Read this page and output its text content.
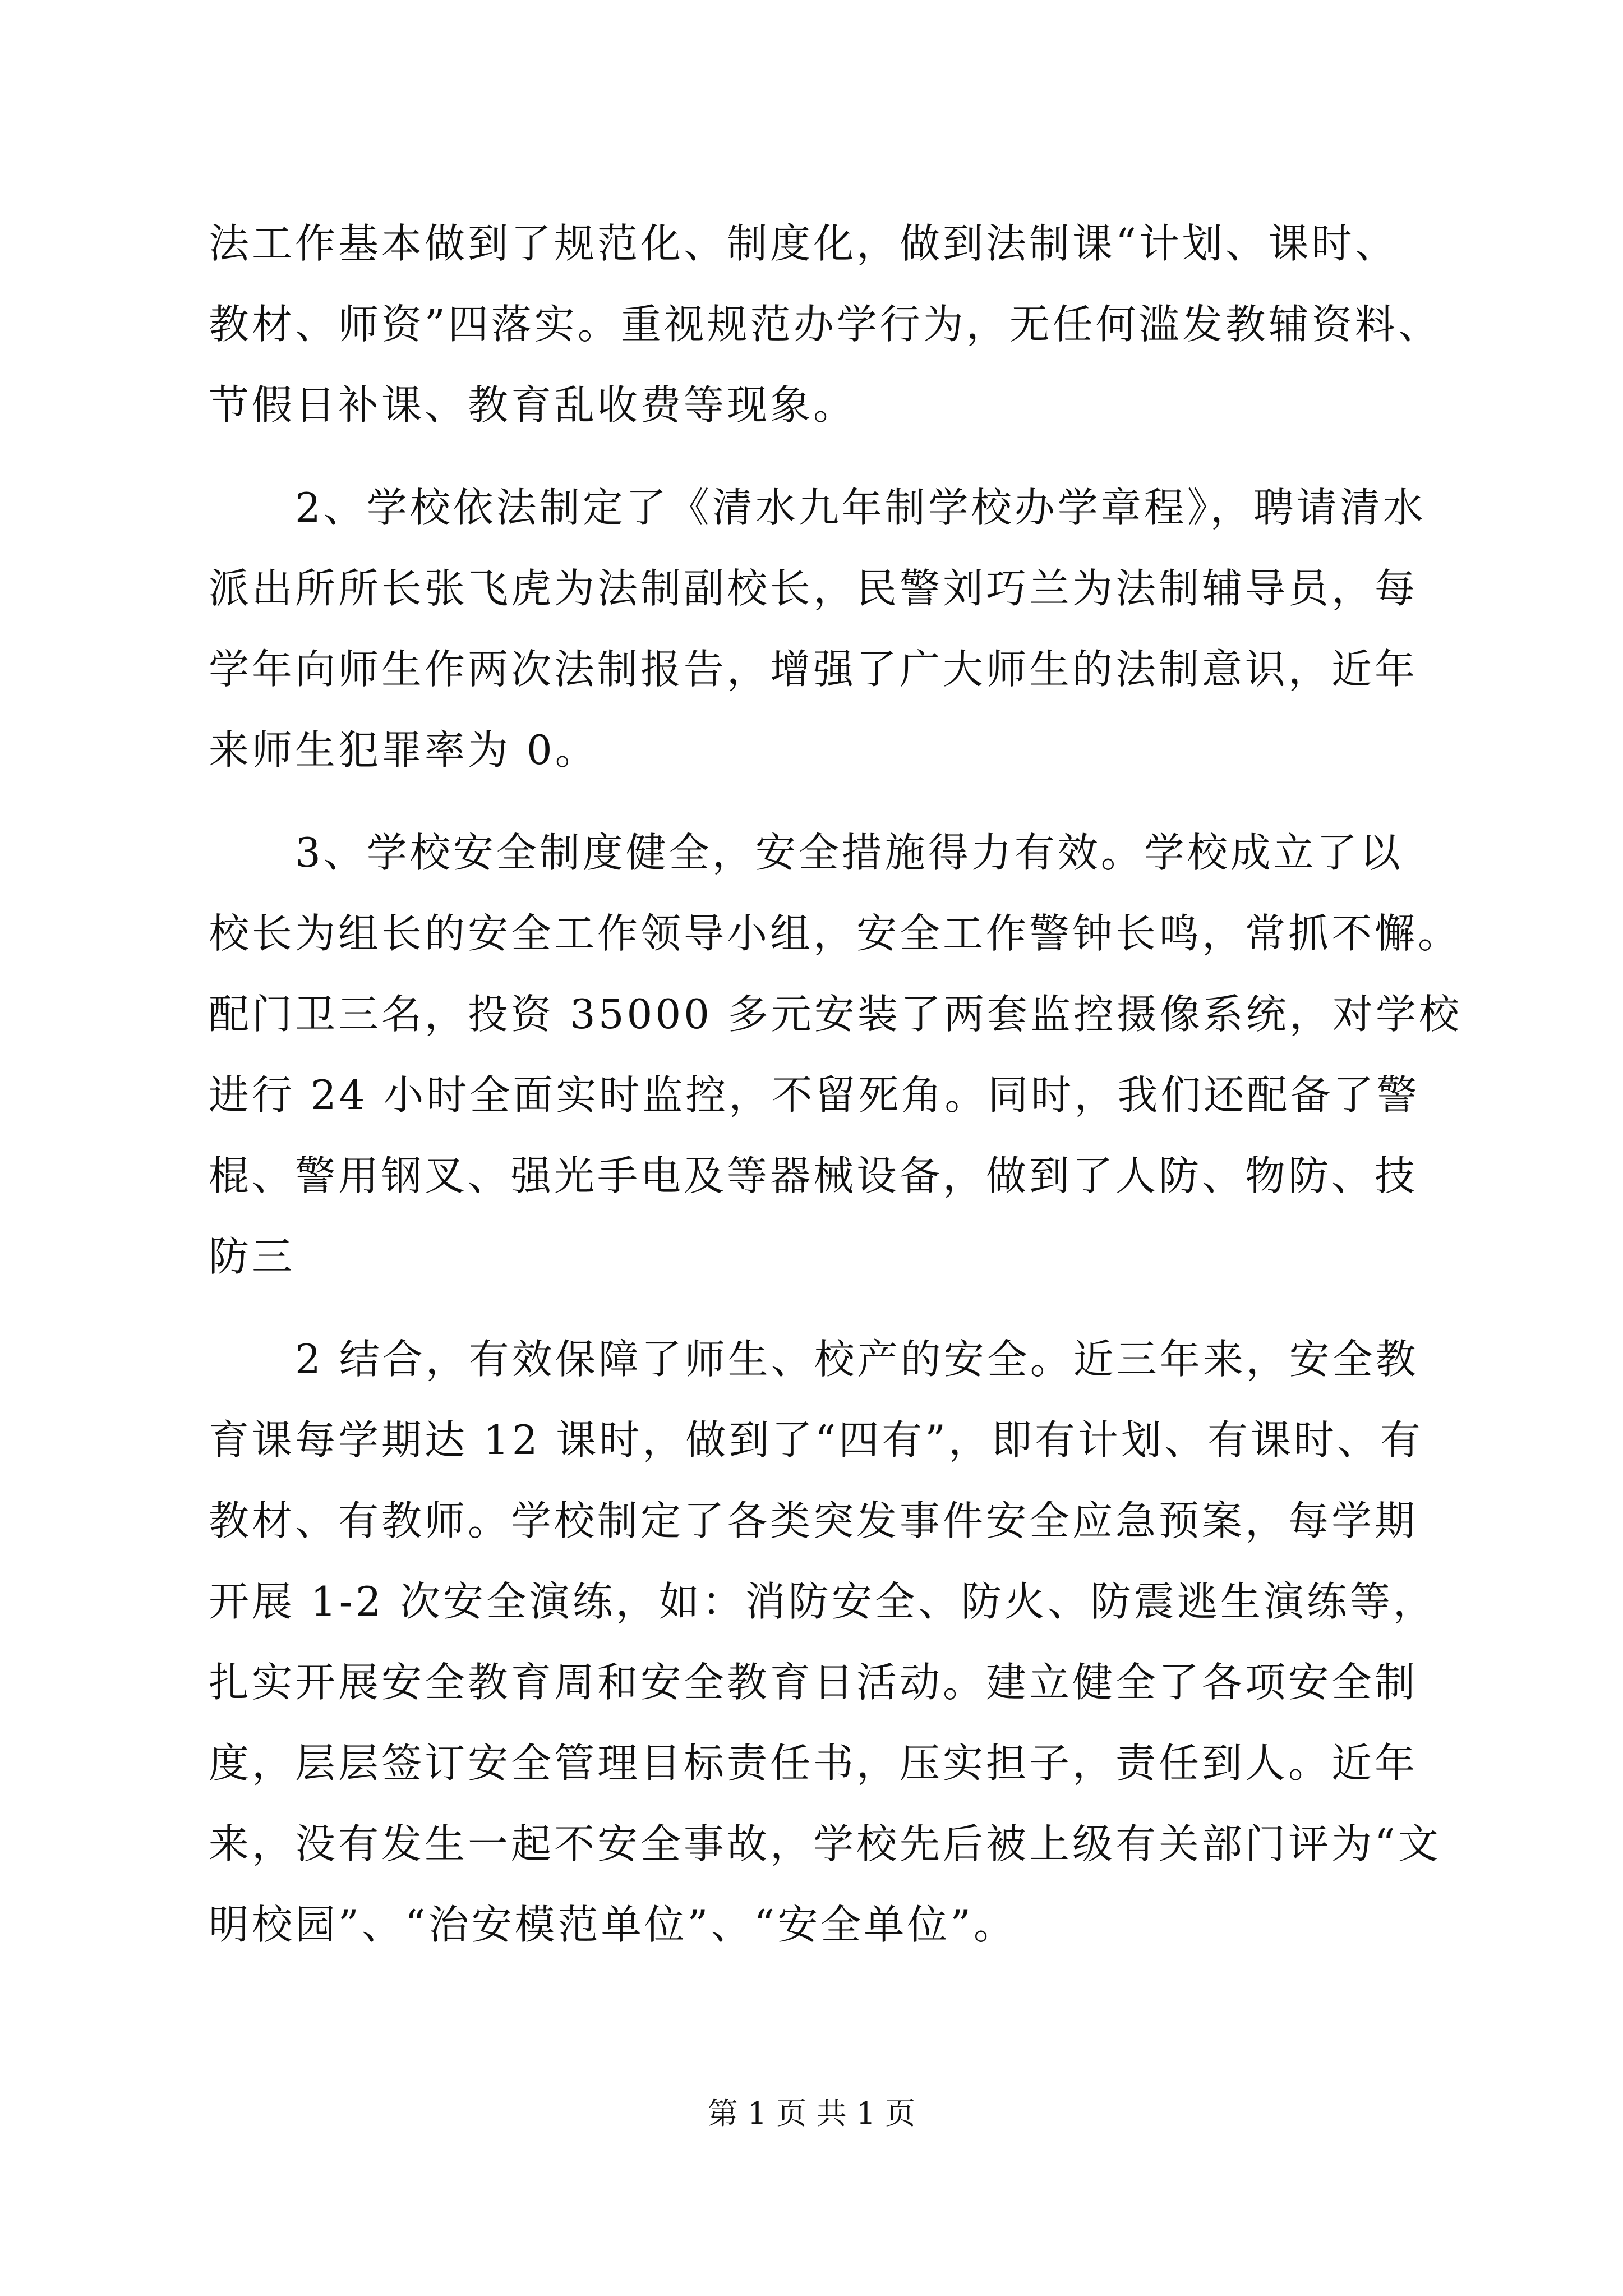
法工作基本做到了规范化、制度化，做到法制课“计划、课时、
教材、师资”四落实。重视规范办学行为，无任何滥发教辅资料、
节假日补课、教育乱收费等现象。
　　2、学校依法制定了《清水九年制学校办学章程》，聘请清水
派出所所长张飞虎为法制副校长，民警刘巧兰为法制辅导员，每
学年向师生作两次法制报告，增强了广大师生的法制意识，近年
来师生犯罪率为 0。
　　3、学校安全制度健全，安全措施得力有效。学校成立了以
校长为组长的安全工作领导小组，安全工作警钟长鸣，常抓不懈。
配门卫三名，投资 35000 多元安装了两套监控摄像系统，对学校
进行 24 小时全面实时监控，不留死角。同时，我们还配备了警
棍、警用钢叉、强光手电及等器械设备，做到了人防、物防、技
防三
　　2 结合，有效保障了师生、校产的安全。近三年来，安全教
育课每学期达 12 课时，做到了“四有”，即有计划、有课时、有
教材、有教师。学校制定了各类突发事件安全应急预案，每学期
开展 1-2 次安全演练，如：消防安全、防火、防震逃生演练等，
扎实开展安全教育周和安全教育日活动。建立健全了各项安全制
度，层层签订安全管理目标责任书，压实担子，责任到人。近年
来，没有发生一起不安全事故，学校先后被上级有关部门评为“文
明校园”、“治安模范单位”、“安全单位”。
第 1 页 共 1 页
